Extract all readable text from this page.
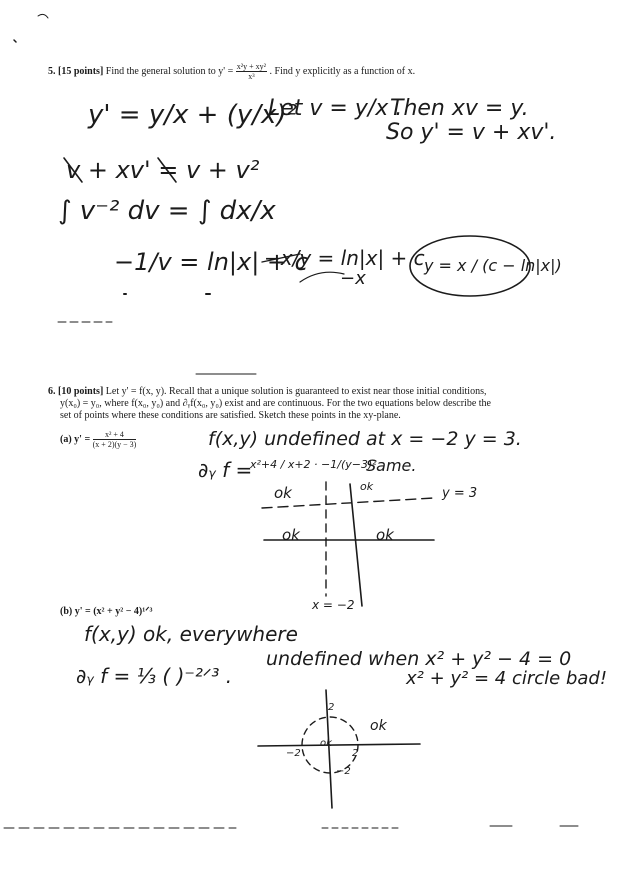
5. [15 points] Find the general solution to $y' = \frac{\text{x²y + xy²}}{\text{x³}}$ . Find y explicitly as a function of x.
y' = y/x + (y/x)²
Let v = y/x .
Then xv = y.
So y' = v + xv'.
v + xv' = v + v²
∫ v⁻² dv = ∫ dx/x
−1/v = ln|x| + c
−x/y = ln|x| + c
−x
y = x / (c − ln|x|)
6. [10 points] Let y' = f(x, y). Recall that a unique solution is guaranteed to exist near those initial conditions,
y(x₀) = y₀, where f(x₀, y₀) and ∂ᵧf(x₀, y₀) exist and are continuous. For the two equations below describe the
set of points where these conditions are satisfied. Sketch these points in the xy-plane.
(a) $y' = \frac{\text{x² + 4}}{(x + 2)(y - 3)}$
(b) y' = (x² + y² − 4)¹ᐟ³
f(x,y) undefined at x = −2 y = 3.
∂ᵧ f =
x²+4 / x+2 · −1/(y−3)²
Same.
ok	ok
ok	ok
y = 3
x = −2
f(x,y) ok, everywhere
∂ᵧ f = ⅓ ( )⁻²ᐟ³ .
undefined when x² + y² − 4 = 0
x² + y² = 4 circle bad!
ok
ok
2
−2
−2	2
